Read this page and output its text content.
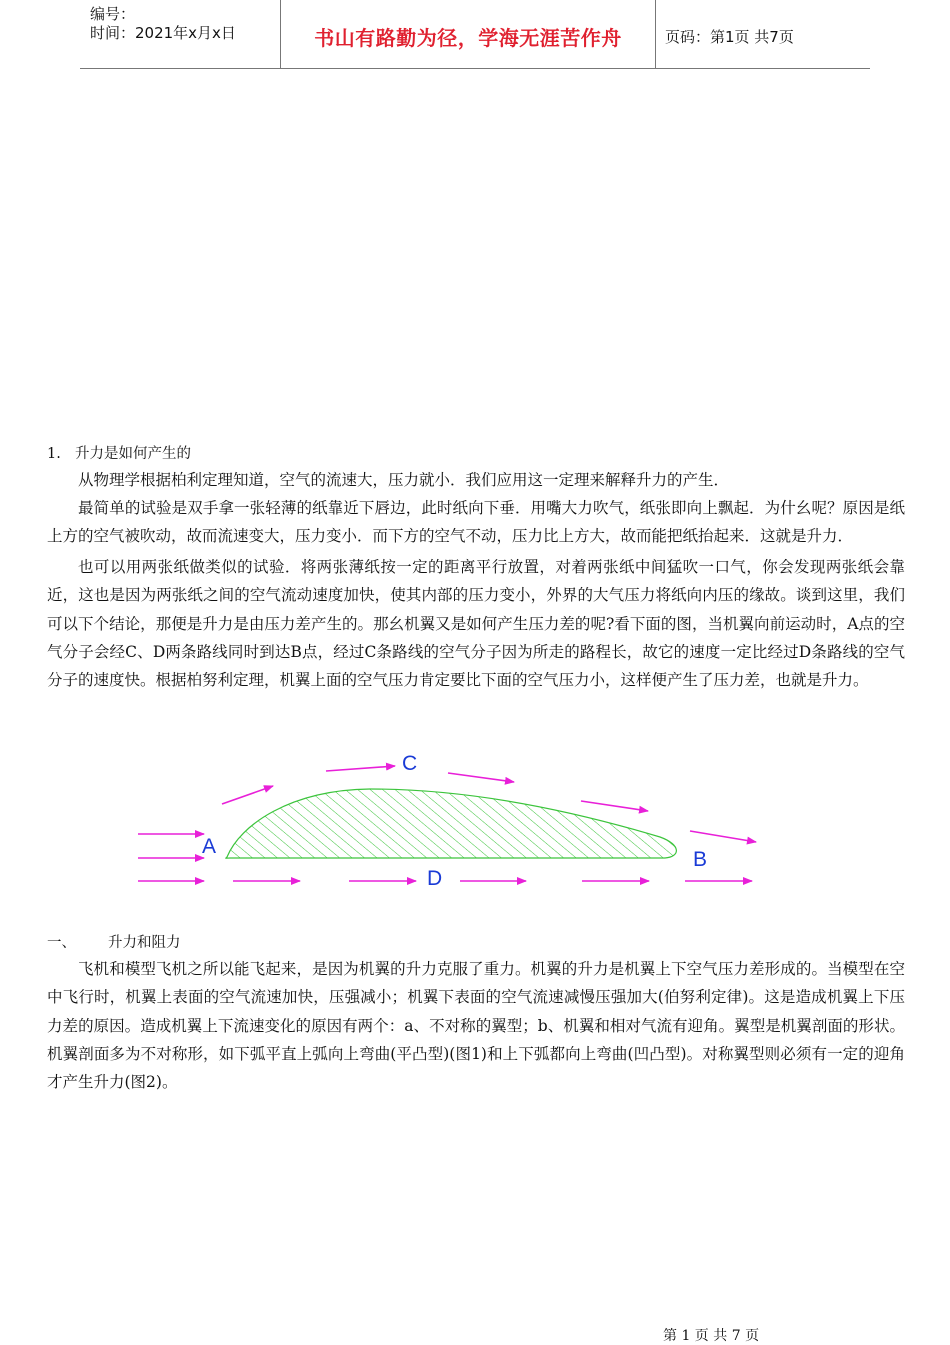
编号：
时间：2021年x月x日	书山有路勤为径，学海无涯苦作舟	页码：第1页 共7页
1. 升力是如何产生的

从物理学根据柏利定理知道，空气的流速大，压力就小．我们应用这一定理来解释升力的产生．

最简单的试验是双手拿一张轻薄的纸靠近下唇边，此时纸向下垂．用嘴大力吹气，纸张即向上飘起．为什幺呢？原因是纸上方的空气被吹动，故而流速变大，压力变小．而下方的空气不动，压力比上方大，故而能把纸抬起来．这就是升力．

也可以用两张纸做类似的试验．将两张薄纸按一定的距离平行放置，对着两张纸中间猛吹一口气，你会发现两张纸会靠近，这也是因为两张纸之间的空气流动速度加快，使其内部的压力变小，外界的大气压力将纸向内压的缘故。谈到这里，我们可以下个结论，那便是升力是由压力差产生的。那幺机翼又是如何产生压力差的呢?看下面的图，当机翼向前运动时，A点的空气分子会经C、D两条路线同时到达B点，经过C条路线的空气分子因为所走的路程长，故它的速度一定比经过D条路线的空气分子的速度快。根据柏努利定理，机翼上面的空气压力肯定要比下面的空气压力小，这样便产生了压力差，也就是升力。

C
A
B
D
一、 升力和阻力

飞机和模型飞机之所以能飞起来，是因为机翼的升力克服了重力。机翼的升力是机翼上下空气压力差形成的。当模型在空中飞行时，机翼上表面的空气流速加快，压强减小；机翼下表面的空气流速减慢压强加大(伯努利定律)。这是造成机翼上下压力差的原因。造成机翼上下流速变化的原因有两个：a、不对称的翼型；b、机翼和相对气流有迎角。翼型是机翼剖面的形状。机翼剖面多为不对称形，如下弧平直上弧向上弯曲(平凸型)(图1)和上下弧都向上弯曲(凹凸型)。对称翼型则必须有一定的迎角才产生升力(图2)。

第 1 页 共 7 页
